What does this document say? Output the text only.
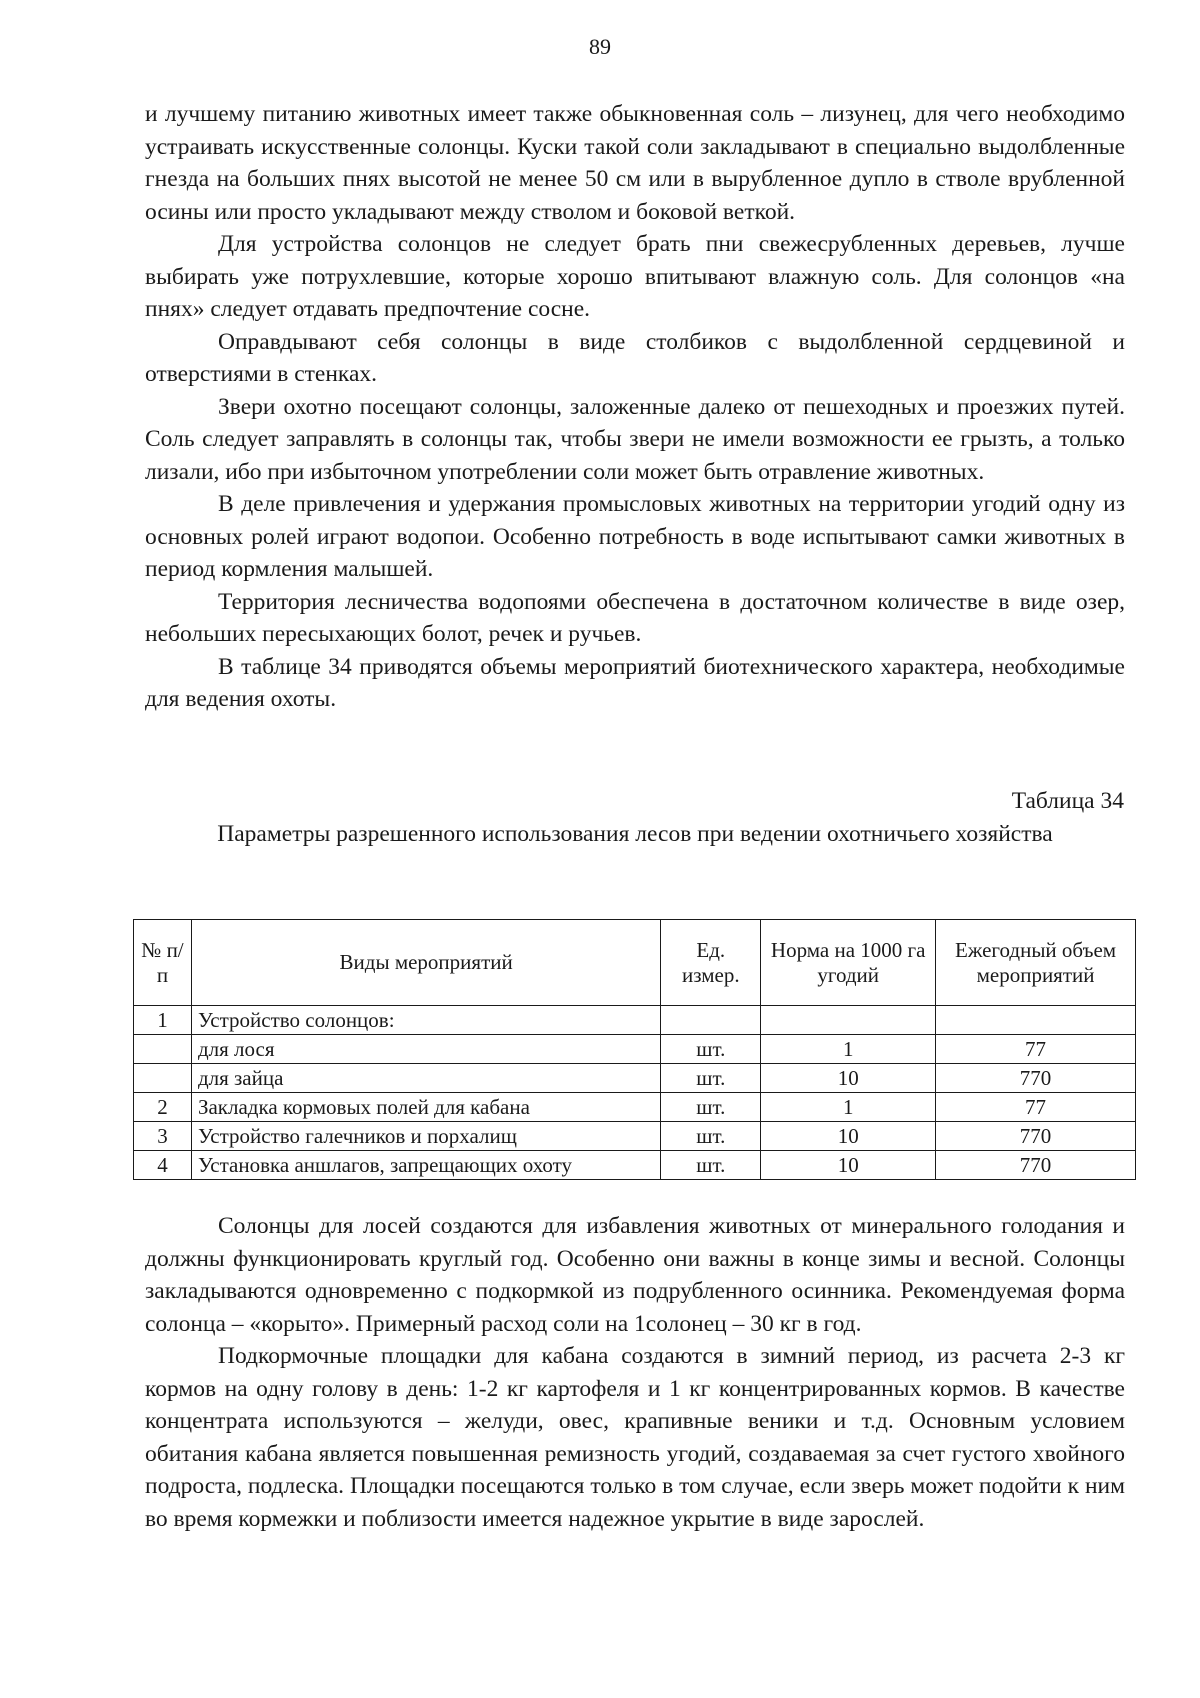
89

и лучшему питанию животных имеет также обыкновенная соль – лизунец, для чего необходимо устраивать искусственные солонцы. Куски такой соли закладывают в специально выдолбленные гнезда на больших пнях высотой не менее 50 см или в вырубленное дупло в стволе врубленной осины или просто укладывают между стволом и боковой веткой.

Для устройства солонцов не следует брать пни свежесрубленных деревьев, лучше выбирать уже потрухлевшие, которые хорошо впитывают влажную соль. Для солонцов «на пнях» следует отдавать предпочтение сосне.

Оправдывают себя солонцы в виде столбиков с выдолбленной сердцевиной и отверстиями в стенках.

Звери охотно посещают солонцы, заложенные далеко от пешеходных и проезжих путей. Соль следует заправлять в солонцы так, чтобы звери не имели возможности ее грызть, а только лизали, ибо при избыточном употреблении соли может быть отравление животных.

В деле привлечения и удержания промысловых животных на территории угодий одну из основных ролей играют водопои. Особенно потребность в воде испытывают самки животных в период кормления малышей.

Территория лесничества водопоями обеспечена в достаточном количестве в виде озер, небольших пересыхающих болот, речек и ручьев.

В таблице 34 приводятся объемы мероприятий биотехнического характера, необходимые для ведения охоты.

Таблица 34
Параметры разрешенного использования лесов при ведении охотничьего хозяйства
№ п/п	Виды мероприятий	Ед. измер.	Норма на 1000 га угодий	Ежегодный объем мероприятий
1	Устройство солонцов:			
	для лося	шт.	1	77
	для зайца	шт.	10	770
2	Закладка кормовых полей для кабана	шт.	1	77
3	Устройство галечников и порхалищ	шт.	10	770
4	Установка аншлагов, запрещающих охоту	шт.	10	770

Солонцы для лосей создаются для избавления животных от минерального голодания и должны функционировать круглый год. Особенно они важны в конце зимы и весной. Солонцы закладываются одновременно с подкормкой из подрубленного осинника. Рекомендуемая форма солонца – «корыто». Примерный расход соли на 1солонец – 30 кг в год.

Подкормочные площадки для кабана создаются в зимний период, из расчета 2-3 кг кормов на одну голову в день: 1-2 кг картофеля и 1 кг концентрированных кормов. В качестве концентрата используются – желуди, овес, крапивные веники и т.д. Основным условием обитания кабана является повышенная ремизность угодий, создаваемая за счет густого хвойного подроста, подлеска. Площадки посещаются только в том случае, если зверь может подойти к ним во время кормежки и поблизости имеется надежное укрытие в виде зарослей.
